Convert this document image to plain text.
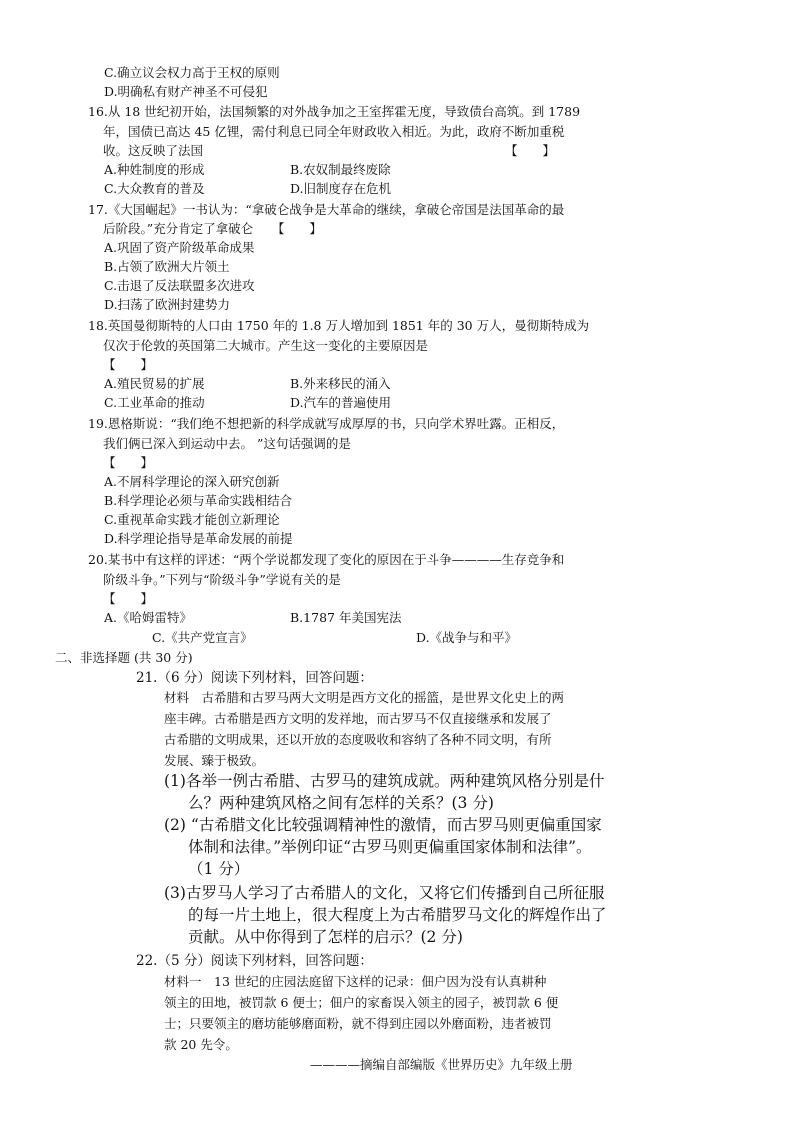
C.确立议会权力高于王权的原则
D.明确私有财产神圣不可侵犯
16.从 18 世纪初开始，法国频繁的对外战争加之王室挥霍无度，导致债台高筑。到 1789
年，国债已高达 45 亿锂，需付利息已同全年财政收入相近。为此，政府不断加重税
收。这反映了法国	【　　】
A.种姓制度的形成	B.农奴制最终废除
C.大众教育的普及	D.旧制度存在危机
17.《大国崛起》一书认为：“拿破仑战争是大革命的继续，拿破仑帝国是法国革命的最
后阶段。”充分肯定了拿破仑　　【　　】
A.巩固了资产阶级革命成果
B.占领了欧洲大片领土
C.击退了反法联盟多次进攻
D.扫荡了欧洲封建势力
18.英国曼彻斯特的人口由 1750 年的 1.8 万人增加到 1851 年的 30 万人，曼彻斯特成为
仅次于伦敦的英国第二大城市。产生这一变化的主要原因是
【　　】
A.殖民贸易的扩展	B.外来移民的涌入
C.工业革命的推动	D.汽车的普遍使用
19.恩格斯说：“我们绝不想把新的科学成就写成厚厚的书，只向学术界吐露。正相反，
我们俩已深入到运动中去。 ”这句话强调的是
【　　】
A.不屑科学理论的深入研究创新
B.科学理论必须与革命实践相结合
C.重视革命实践才能创立新理论
D.科学理论指导是革命发展的前提
20.某书中有这样的评述：“两个学说都发现了变化的原因在于斗争————生存竞争和
阶级斗争。”下列与“阶级斗争”学说有关的是
【　　】
A.《哈姆雷特》	B.1787 年美国宪法
C.《共产党宣言》	D.《战争与和平》
二、非选择题 (共 30 分)
21.（6 分）阅读下列材料，回答问题：
材料　古希腊和古罗马两大文明是西方文化的摇篮，是世界文化史上的两
座丰碑。古希腊是西方文明的发祥地，而古罗马不仅直接继承和发展了
古希腊的文明成果，还以开放的态度吸收和容纳了各种不同文明，有所
发展、臻于极致。
(1)各举一例古希腊、古罗马的建筑成就。两种建筑风格分别是什
么？两种建筑风格之间有怎样的关系？(3 分)
(2) “古希腊文化比较强调精神性的激情，而古罗马则更偏重国家
体制和法律。”举例印证“古罗马则更偏重国家体制和法律”。
（1 分）
(3)古罗马人学习了古希腊人的文化，又将它们传播到自己所征服
的每一片土地上，很大程度上为古希腊罗马文化的辉煌作出了
贡献。从中你得到了怎样的启示？(2 分)
22.（5 分）阅读下列材料，回答问题：
材料一　13 世纪的庄园法庭留下这样的记录：佃户因为没有认真耕种
领主的田地，被罚款 6 便士；佃户的家畜误入领主的园子，被罚款 6 便
士；只要领主的磨坊能够磨面粉，就不得到庄园以外磨面粉，违者被罚
款 20 先令。
————摘编自部编版《世界历史》九年级上册
